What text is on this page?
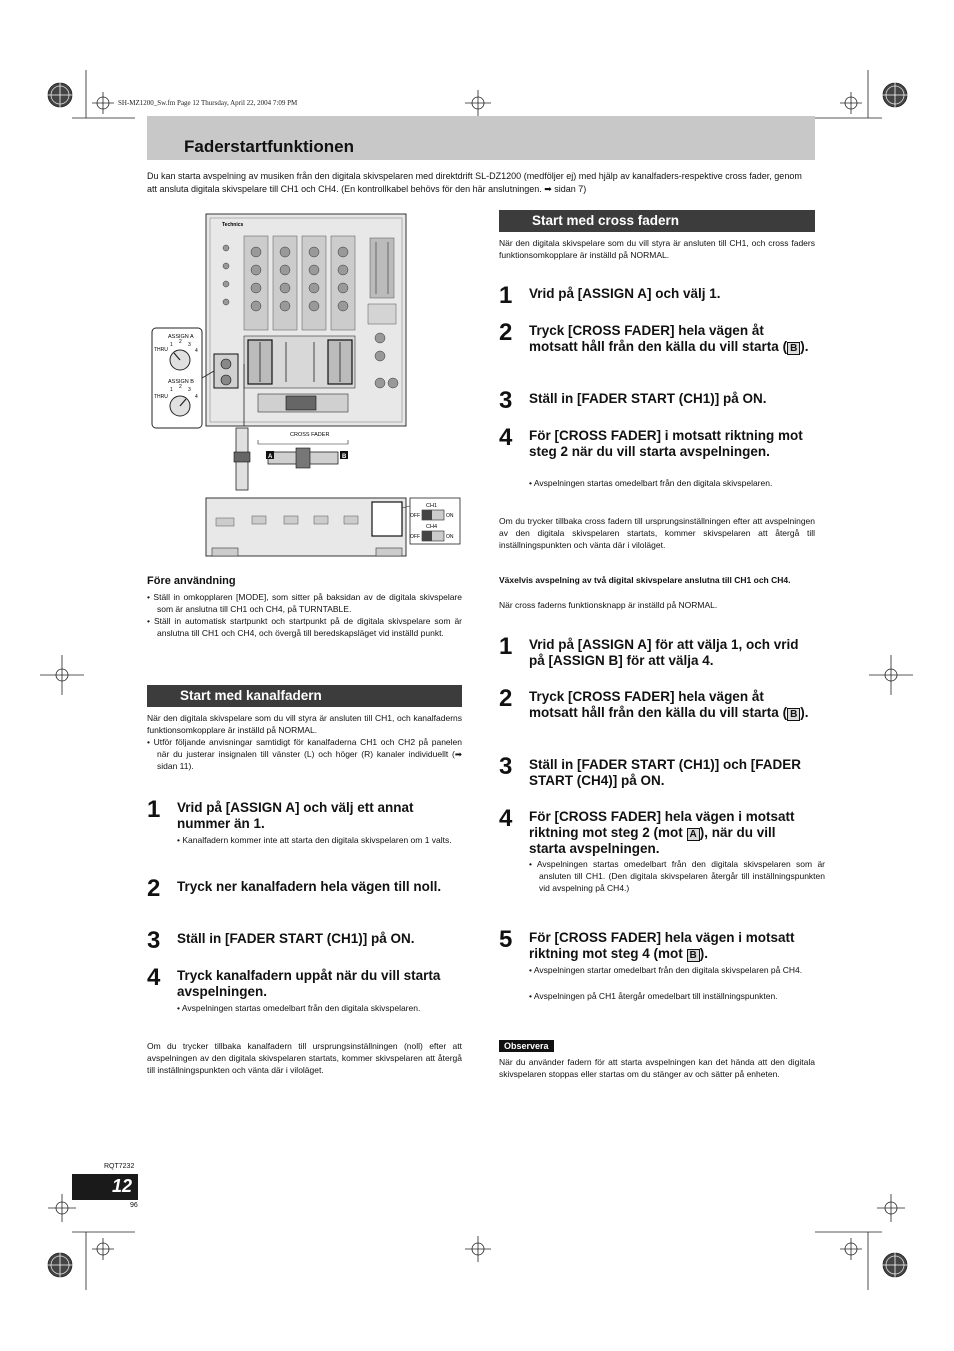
SH-MZ1200_Sw.fm Page 12 Thursday, April 22, 2004 7:09 PM
Faderstartfunktionen
Du kan starta avspelning av musiken från den digitala skivspelaren med direktdrift SL-DZ1200 (medföljer ej) med hjälp av kanalfaders-respektive cross fader, genom att ansluta digitala skivspelare till CH1 och CH4. (En kontrollkabel behövs för den här anslutningen. ➡ sidan 7)
Technics
ASSIGN A
1 2 3
4
THRU
ASSIGN B
1 2 3
4
THRU
CROSS FADER
A	B
CH1
OFF	ON
CH4
OFF	ON
Före användning
• Ställ in omkopplaren [MODE], som sitter på baksidan av de digitala skivspelare som är anslutna till CH1 och CH4, på TURNTABLE.
• Ställ in automatisk startpunkt och startpunkt på de digitala skivspelare som är anslutna till CH1 och CH4, och övergå till beredskapsläget vid inställd punkt.
Start med kanalfadern
När den digitala skivspelare som du vill styra är ansluten till CH1, och kanalfaderns funktionsomkopplare är inställd på NORMAL.
• Utför följande anvisningar samtidigt för kanalfaderna CH1 och CH2 på panelen när du justerar insignalen till vänster (L) och höger (R) kanaler individuellt (➡ sidan 11).
1 Vrid på [ASSIGN A] och välj ett annat nummer än 1.
• Kanalfadern kommer inte att starta den digitala skivspelaren om 1 valts.
2 Tryck ner kanalfadern hela vägen till noll.
3 Ställ in [FADER START (CH1)] på ON.
4 Tryck kanalfadern uppåt när du vill starta avspelningen.
• Avspelningen startas omedelbart från den digitala skivspelaren.
Om du trycker tillbaka kanalfadern till ursprungsinställningen (noll) efter att avspelningen av den digitala skivspelaren startats, kommer skivspelaren att återgå till inställningspunkten och vänta där i viloläget.
Start med cross fadern
När den digitala skivspelare som du vill styra är ansluten till CH1, och cross faders funktionsomkopplare är inställd på NORMAL.
1 Vrid på [ASSIGN A] och välj 1.
2 Tryck [CROSS FADER] hela vägen åt motsatt håll från den källa du vill starta ( B ).
3 Ställ in [FADER START (CH1)] på ON.
4 För [CROSS FADER] i motsatt riktning mot steg 2 när du vill starta avspelningen.
• Avspelningen startas omedelbart från den digitala skivspelaren.
Om du trycker tillbaka cross fadern till ursprungsinställningen efter att avspelningen av den digitala skivspelaren startats, kommer skivspelaren att återgå till inställningspunkten och vänta där i viloläget.
Växelvis avspelning av två digital skivspelare anslutna till CH1 och CH4.
När cross faderns funktionsknapp är inställd på NORMAL.
1 Vrid på [ASSIGN A] för att välja 1, och vrid på [ASSIGN B] för att välja 4.
2 Tryck [CROSS FADER] hela vägen åt motsatt håll från den källa du vill starta ( B ).
3 Ställ in [FADER START (CH1)] och [FADER START (CH4)] på ON.
4 För [CROSS FADER] hela vägen i motsatt riktning mot steg 2 (mot A ), när du vill starta avspelningen.
• Avspelningen startas omedelbart från den digitala skivspelaren som är ansluten till CH1. (Den digitala skivspelaren återgår till inställningspunkten vid avspelning på CH4.)
5 För [CROSS FADER] hela vägen i motsatt riktning mot steg 4 (mot B ).
• Avspelningen startar omedelbart från den digitala skivspelaren på CH4.
• Avspelningen på CH1 återgår omedelbart till inställningspunkten.
Observera
När du använder fadern för att starta avspelningen kan det hända att den digitala skivspelaren stoppas eller startas om du stänger av och sätter på enheten.
RQT7232
12
96
